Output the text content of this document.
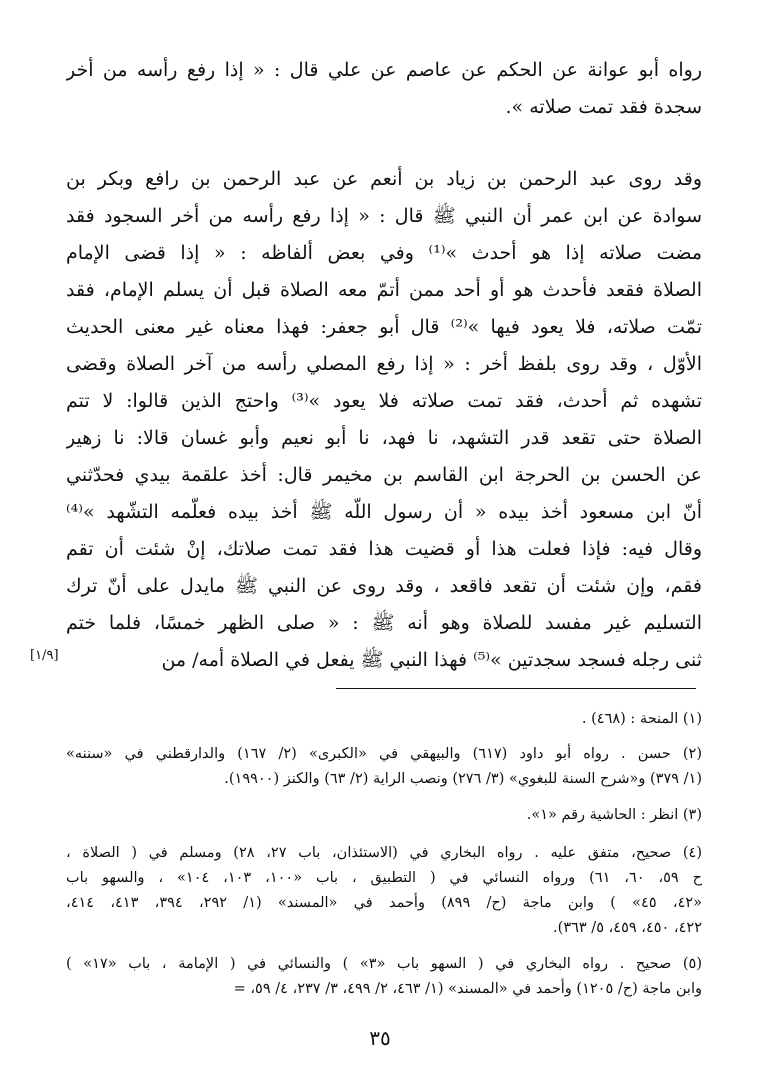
رواه أبو عوانة عن الحكم عن عاصم عن علي قال : « إذا رفع رأسه من أخر
سجدة فقد تمت صلاته ».
وقد روى عبد الرحمن بن زياد بن أنعم عن عبد الرحمن بن رافع وبكر بن
سوادة عن ابن عمر أن النبي ﷺ قال : « إذا رفع رأسه من أخر السجود فقد
مضت صلاته إذا هو أحدث »⁽¹⁾ وفي بعض ألفاظه : « إذا قضى الإمام
الصلاة فقعد فأحدث هو أو أحد ممن أتمّ معه الصلاة قبل أن يسلم الإمام، فقد
تمّت صلاته، فلا يعود فيها »⁽²⁾ قال أبو جعفر: فهذا معناه غير معنى الحديث
الأوّل ، وقد روى بلفظ أخر : « إذا رفع المصلي رأسه من آخر الصلاة وقضى
تشهده ثم أحدث، فقد تمت صلاته فلا يعود »⁽³⁾ واحتج الذين قالوا: لا تتم
الصلاة حتى تقعد قدر التشهد، نا فهد، نا أبو نعيم وأبو غسان قالا: نا زهير
عن الحسن بن الحرجة ابن القاسم بن مخيمر قال: أخذ علقمة بيدي فحدّثني
أنّ ابن مسعود أخذ بيده « أن رسول اللّه ﷺ أخذ بيده فعلّمه التشّهد »⁽⁴⁾
وقال فيه: فإذا فعلت هذا أو قضيت هذا فقد تمت صلاتك، إنْ شئت أن تقم
فقم، وإن شئت أن تقعد فاقعد ، وقد روى عن النبي ﷺ مايدل على أنّ ترك
التسليم غير مفسد للصلاة وهو أنه ﷺ : « صلى الظهر خمسًا، فلما ختم
ثنى رجله فسجد سجدتين »⁽⁵⁾ فهذا النبي ﷺ يفعل في الصلاة أمه/ من
[١/٩]
(١) المنحة : (٤٦٨) .
(٢) حسن . رواه أبو داود (٦١٧) والبيهقي في «الكبرى» (٢/ ١٦٧) والدارقطني في «سننه»
(١/ ٣٧٩) و«شرح السنة للبغوي» (٣/ ٢٧٦) ونصب الراية (٢/ ٦٣) والكنز (١٩٩٠٠).
(٣) انظر : الحاشية رقم «١».
(٤) صحيح، متفق عليه . رواه البخاري في (الاستئذان، باب ٢٧، ٢٨) ومسلم في ( الصلاة ،
ح ٥٩، ٦٠، ٦١) ورواه النسائي في ( التطبيق ، باب «١٠٠، ١٠٣، ١٠٤» ، والسهو باب
«٤٢، ٤٥» ) وابن ماجة (ح/ ٨٩٩) وأحمد في «المسند» (١/ ٢٩٢، ٣٩٤، ٤١٣، ٤١٤،
٤٢٢، ٤٥٠، ٤٥٩، ٥/ ٣٦٣).
(٥) صحيح . رواه البخاري في ( السهو باب «٣» ) والنسائي في ( الإمامة ، باب «١٧» )
وابن ماجة (ح/ ١٢٠٥) وأحمد في «المسند» (١/ ٤٦٣، ٢/ ٤٩٩، ٣/ ٢٣٧، ٤/ ٥٩، =
٣٥
